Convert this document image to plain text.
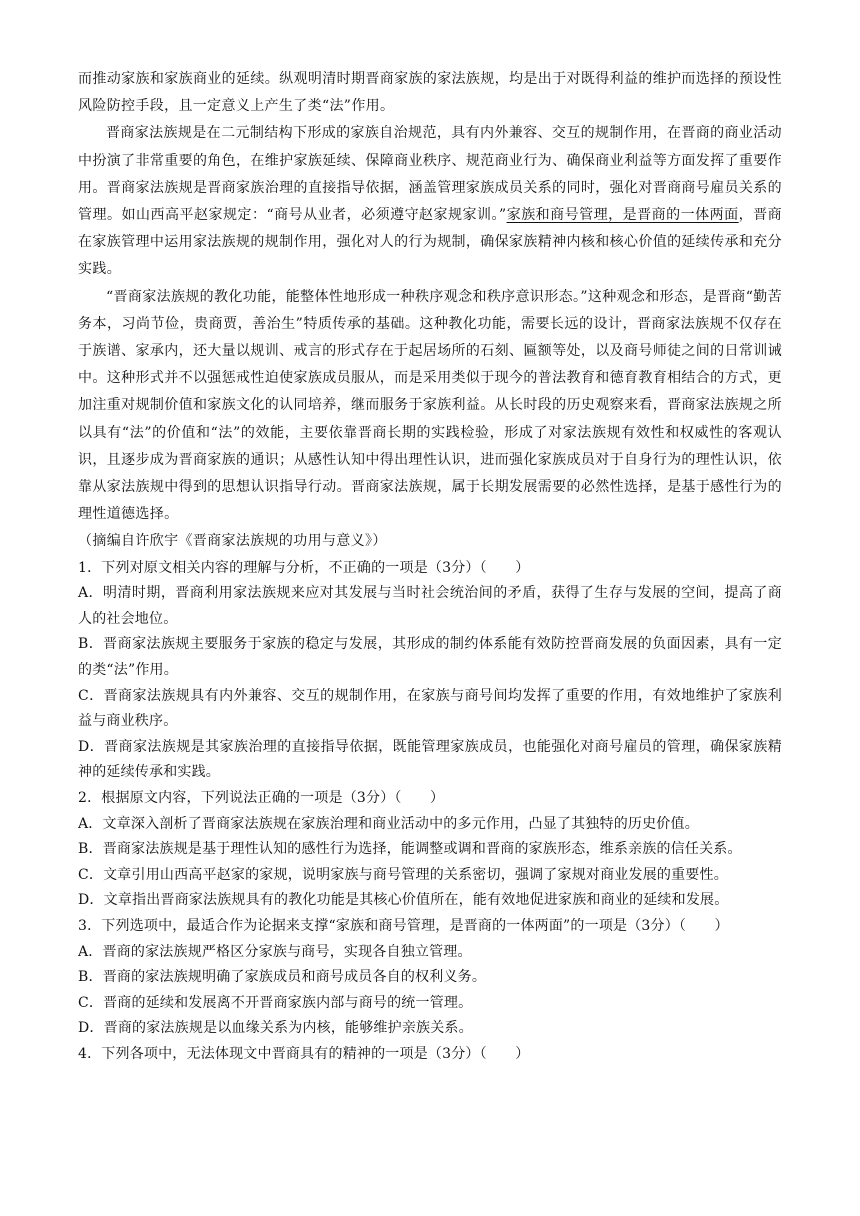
而推动家族和家族商业的延续。纵观明清时期晋商家族的家法族规，均是出于对既得利益的维护而选择的预设性风险防控手段，且一定意义上产生了类“法”作用。

晋商家法族规是在二元制结构下形成的家族自治规范，具有内外兼容、交互的规制作用，在晋商的商业活动中扮演了非常重要的角色，在维护家族延续、保障商业秩序、规范商业行为、确保商业利益等方面发挥了重要作用。晋商家法族规是晋商家族治理的直接指导依据，涵盖管理家族成员关系的同时，强化对晋商商号雇员关系的管理。如山西高平赵家规定：“商号从业者，必须遵守赵家规家训。”家族和商号管理，是晋商的一体两面，晋商在家族管理中运用家法族规的规制作用，强化对人的行为规制，确保家族精神内核和核心价值的延续传承和充分实践。

“晋商家法族规的教化功能，能整体性地形成一种秩序观念和秩序意识形态。”这种观念和形态，是晋商“勤苦务本，习尚节俭，贵商贾，善治生”特质传承的基础。这种教化功能，需要长远的设计，晋商家法族规不仅存在于族谱、家承内，还大量以规训、戒言的形式存在于起居场所的石刻、匾额等处，以及商号师徒之间的日常训诫中。这种形式并不以强惩戒性迫使家族成员服从，而是采用类似于现今的普法教育和德育教育相结合的方式，更加注重对规制价值和家族文化的认同培养，继而服务于家族利益。从长时段的历史观察来看，晋商家法族规之所以具有“法”的价值和“法”的效能，主要依靠晋商长期的实践检验，形成了对家法族规有效性和权威性的客观认识，且逐步成为晋商家族的通识；从感性认知中得出理性认识，进而强化家族成员对于自身行为的理性认识，依靠从家法族规中得到的思想认识指导行动。晋商家法族规，属于长期发展需要的必然性选择，是基于感性行为的理性道德选择。

（摘编自许欣宇《晋商家法族规的功用与意义》）

1．下列对原文相关内容的理解与分析，不正确的一项是（3分）（　　）

A．明清时期，晋商利用家法族规来应对其发展与当时社会统治间的矛盾，获得了生存与发展的空间，提高了商人的社会地位。

B．晋商家法族规主要服务于家族的稳定与发展，其形成的制约体系能有效防控晋商发展的负面因素，具有一定的类“法”作用。

C．晋商家法族规具有内外兼容、交互的规制作用，在家族与商号间均发挥了重要的作用，有效地维护了家族利益与商业秩序。

D．晋商家法族规是其家族治理的直接指导依据，既能管理家族成员，也能强化对商号雇员的管理，确保家族精神的延续传承和实践。

2．根据原文内容，下列说法正确的一项是（3分）（　　）

A．文章深入剖析了晋商家法族规在家族治理和商业活动中的多元作用，凸显了其独特的历史价值。

B．晋商家法族规是基于理性认知的感性行为选择，能调整或调和晋商的家族形态，维系亲族的信任关系。

C．文章引用山西高平赵家的家规，说明家族与商号管理的关系密切，强调了家规对商业发展的重要性。

D．文章指出晋商家法族规具有的教化功能是其核心价值所在，能有效地促进家族和商业的延续和发展。

3．下列选项中，最适合作为论据来支撑“家族和商号管理，是晋商的一体两面”的一项是（3分）（　　）

A．晋商的家法族规严格区分家族与商号，实现各自独立管理。

B．晋商的家法族规明确了家族成员和商号成员各自的权利义务。

C．晋商的延续和发展离不开晋商家族内部与商号的统一管理。

D．晋商的家法族规是以血缘关系为内核，能够维护亲族关系。

4．下列各项中，无法体现文中晋商具有的精神的一项是（3分）（　　）
